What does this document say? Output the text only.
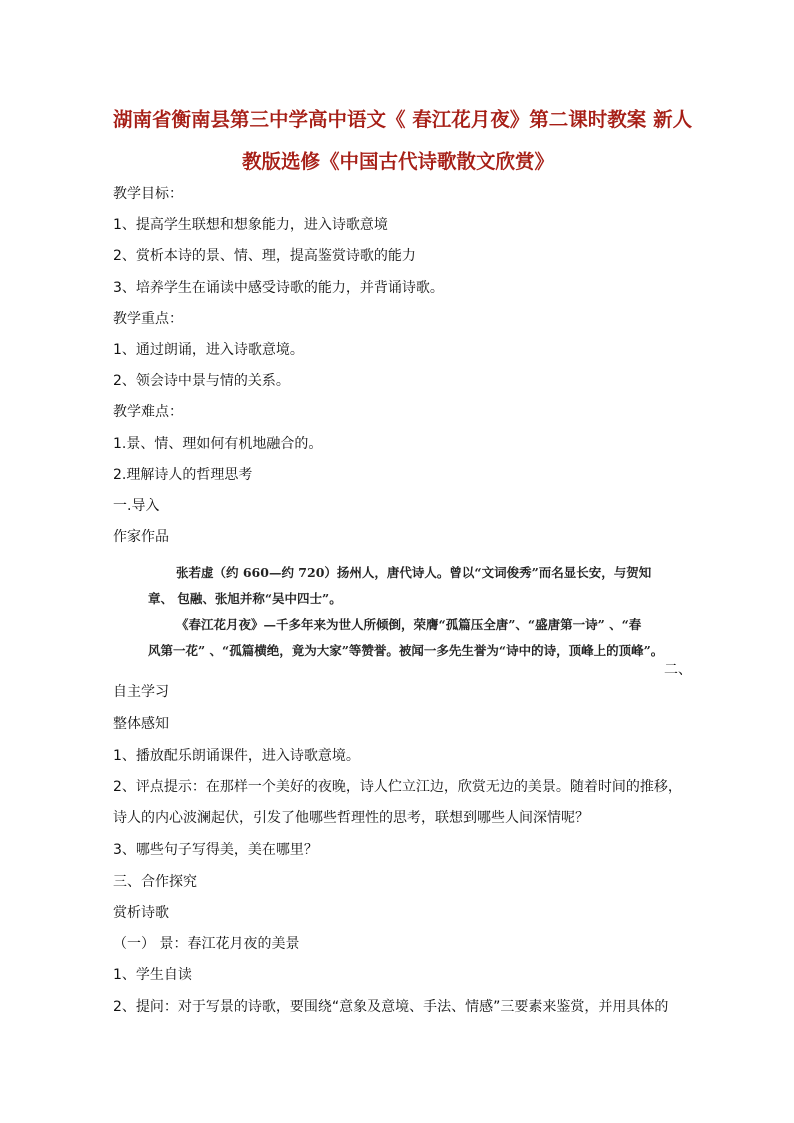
湖南省衡南县第三中学高中语文《 春江花月夜》第二课时教案 新人
教版选修《中国古代诗歌散文欣赏》
教学目标：
1、提高学生联想和想象能力，进入诗歌意境
2、赏析本诗的景、情、理，提高鉴赏诗歌的能力
3、培养学生在诵读中感受诗歌的能力，并背诵诗歌。
教学重点：
1、通过朗诵，进入诗歌意境。
2、领会诗中景与情的关系。
教学难点：
1.景、情、理如何有机地融合的。
2.理解诗人的哲理思考
一.导入
作家作品
张若虚（约 660—约 720）扬州人，唐代诗人。曾以“文词俊秀”而名显长安，与贺知
章、 包融、张旭并称“吴中四士”。
《春江花月夜》—千多年来为世人所倾倒，荣膺“孤篇压全唐”、“盛唐第一诗” 、“春
风第一花” 、“孤篇横绝，竟为大家”等赞誉。被闻一多先生誉为“诗中的诗，顶峰上的顶峰”。
二、
自主学习
整体感知
1、播放配乐朗诵课件，进入诗歌意境。
2、评点提示：在那样一个美好的夜晚，诗人伫立江边，欣赏无边的美景。随着时间的推移，
诗人的内心波澜起伏，引发了他哪些哲理性的思考，联想到哪些人间深情呢？
3、哪些句子写得美，美在哪里？
三、合作探究
赏析诗歌
（一） 景：春江花月夜的美景
1、学生自读
2、提问：对于写景的诗歌，要围绕“意象及意境、手法、情感”三要素来鉴赏，并用具体的
